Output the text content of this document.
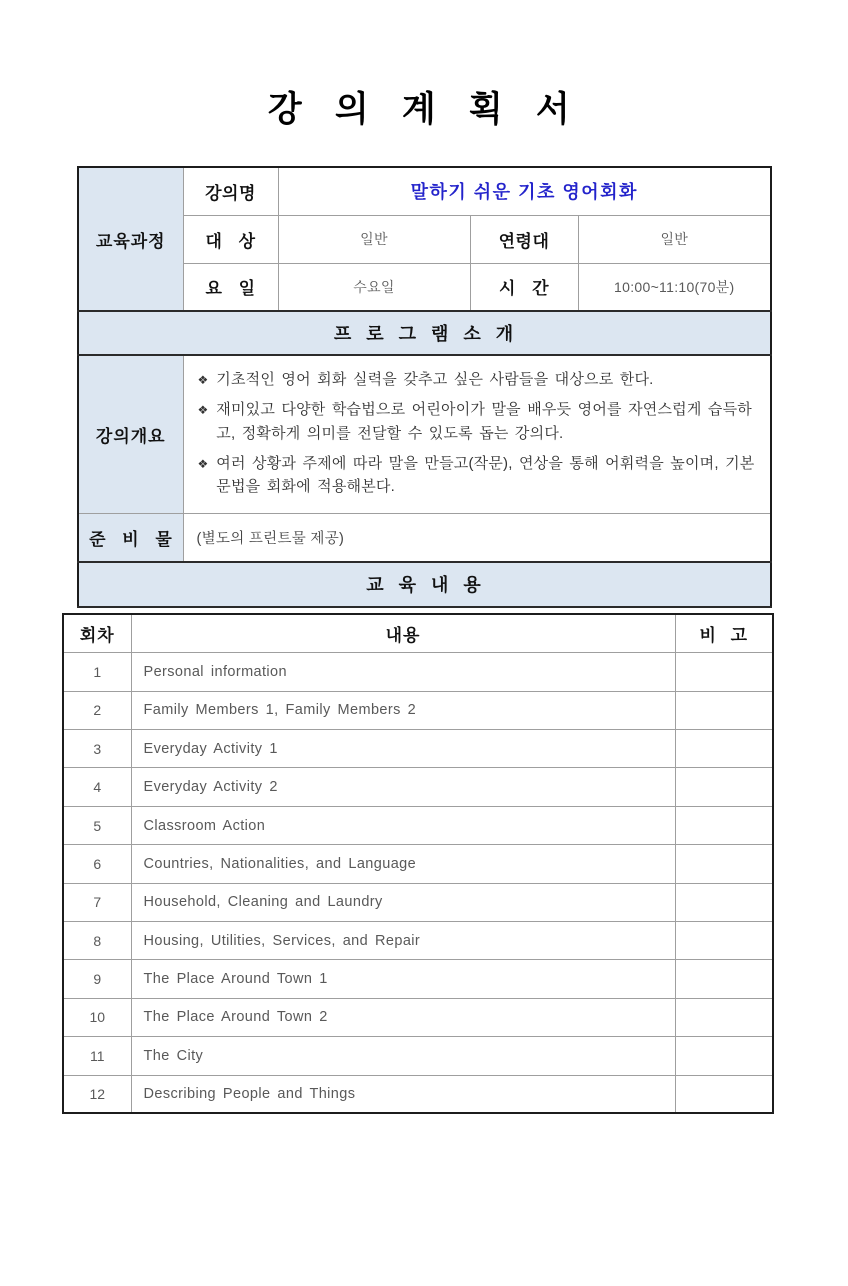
강 의 계 획 서
교육과정	강의명	말하기 쉬운 기초 영어회화		
	대 상	일반	연령대	일반
	요 일	수요일	시 간	10:00~11:10(70분)
프 로 그 램 소 개				
강의개요	
❖ 기초적인 영어 회화 실력을 갖추고 싶은 사람들을 대상으로 한다.
❖ 재미있고 다양한 학습법으로 어린아이가 말을 배우듯 영어를 자연스럽게 습득하고, 정확하게 의미를 전달할 수 있도록 돕는 강의다.
❖ 여러 상황과 주제에 따라 말을 만들고(작문), 연상을 통해 어휘력을 높이며, 기본 문법을 회화에 적용해본다.

준 비 물	(별도의 프린트물 제공)			
교 육 내 용				
회차	내용	비 고
1	Personal information	
2	Family Members 1, Family Members 2	
3	Everyday Activity 1	
4	Everyday Activity 2	
5	Classroom Action	
6	Countries, Nationalities, and Language	
7	Household, Cleaning and Laundry	
8	Housing, Utilities, Services, and Repair	
9	The Place Around Town 1	
10	The Place Around Town 2	
11	The City	
12	Describing People and Things	
